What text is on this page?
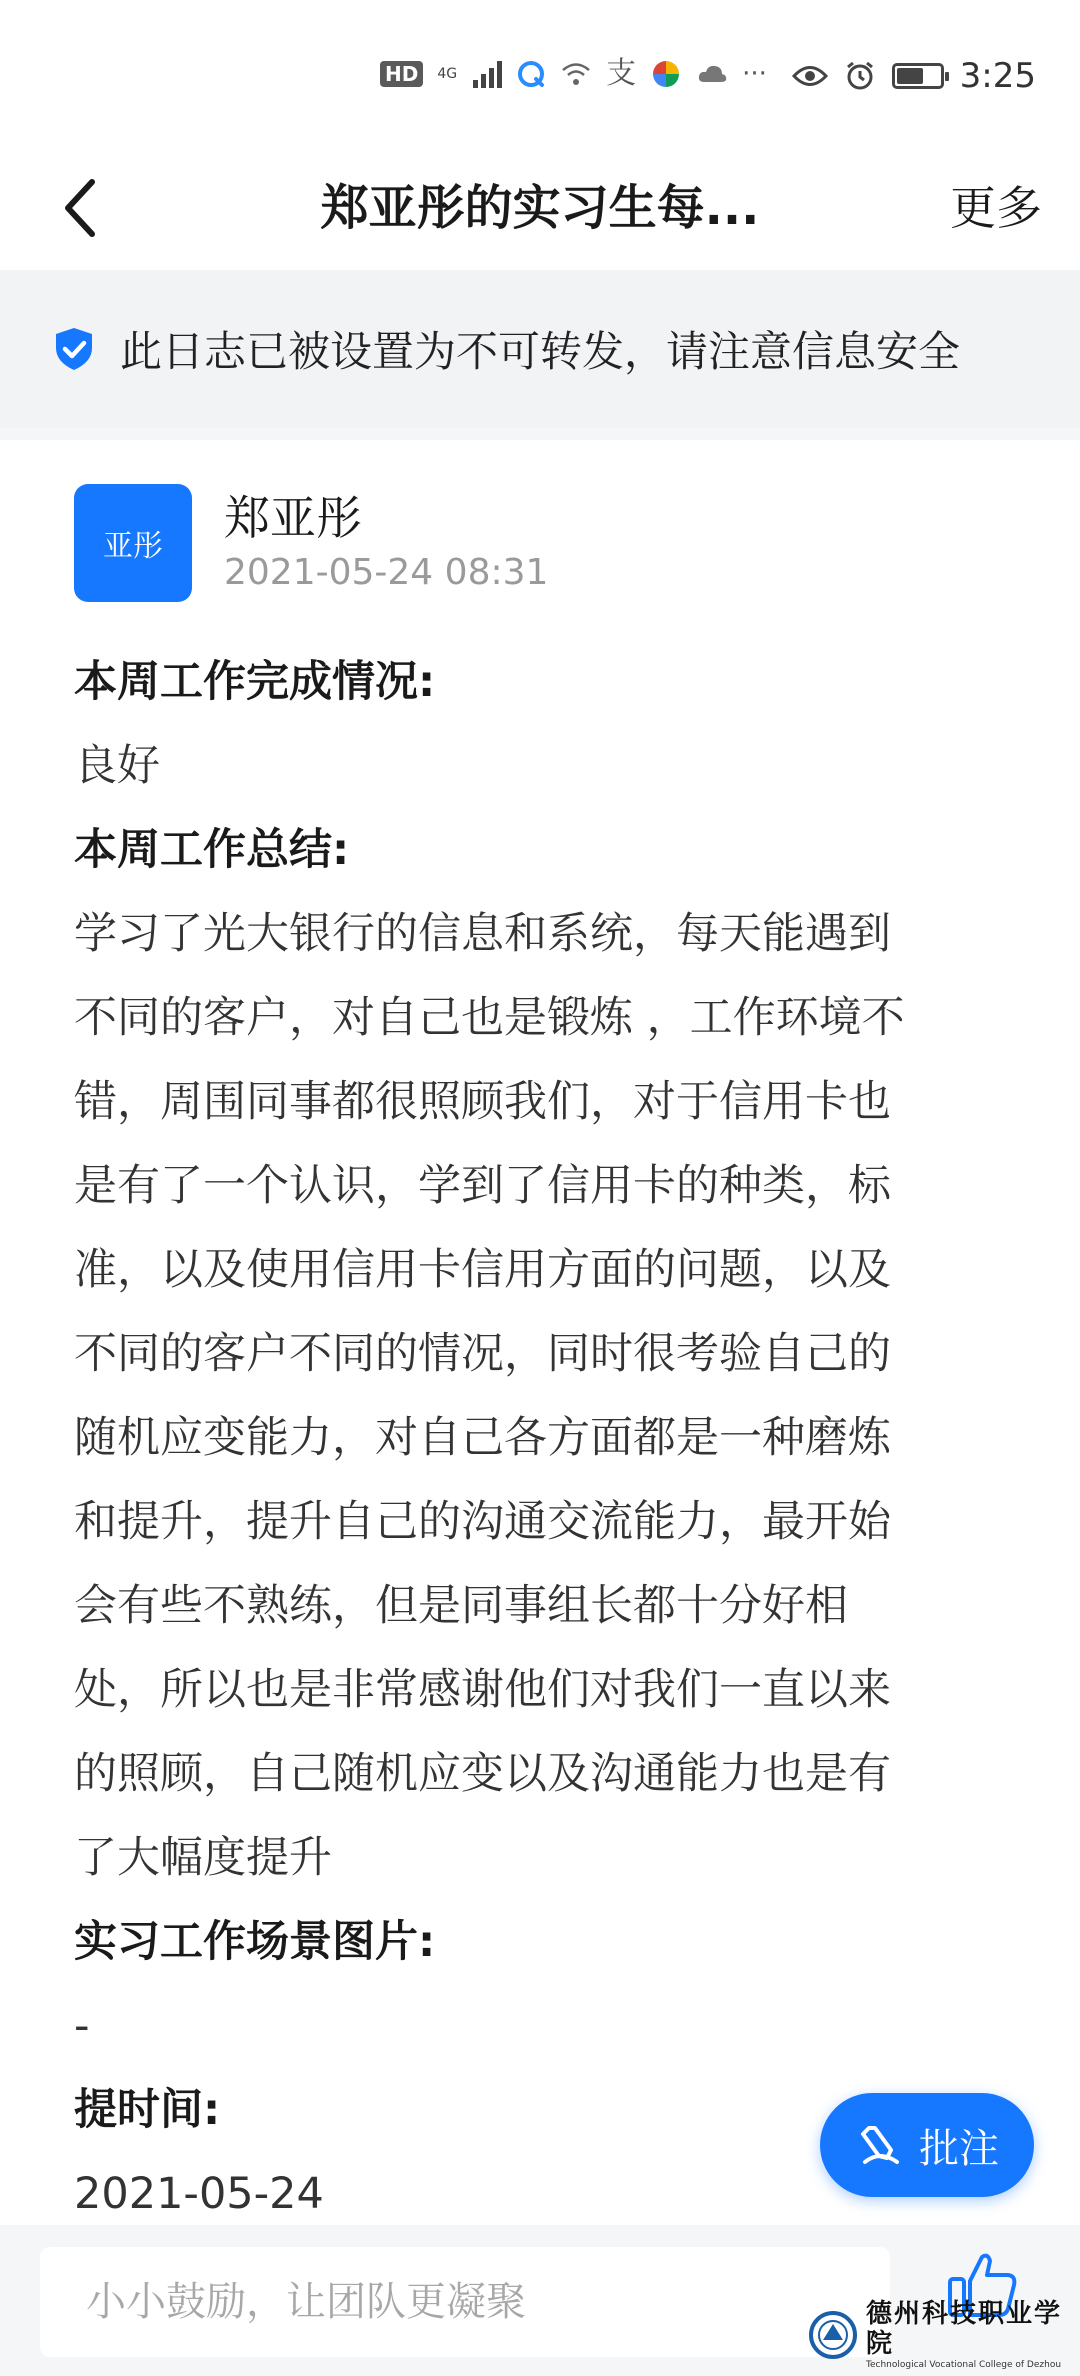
HD	4G	支	···	3:25
郑亚彤的实习生每...	更多
此日志已被设置为不可转发，请注意信息安全
亚彤
郑亚彤
2021-05-24 08:31
本周工作完成情况:
良好
本周工作总结:
学习了光大银行的信息和系统，每天能遇到
不同的客户，对自己也是锻炼 ，工作环境不
错，周围同事都很照顾我们，对于信用卡也
是有了一个认识，学到了信用卡的种类，标
准，以及使用信用卡信用方面的问题，以及
不同的客户不同的情况，同时很考验自己的
随机应变能力，对自己各方面都是一种磨炼
和提升，提升自己的沟通交流能力，最开始
会有些不熟练，但是同事组长都十分好相
处，所以也是非常感谢他们对我们一直以来
的照顾，自己随机应变以及沟通能力也是有
了大幅度提升
实习工作场景图片:
-
提时间:
2021-05-24
批注
小小鼓励，让团队更凝聚
德州科技职业学院
Technological Vocational College of Dezhou
